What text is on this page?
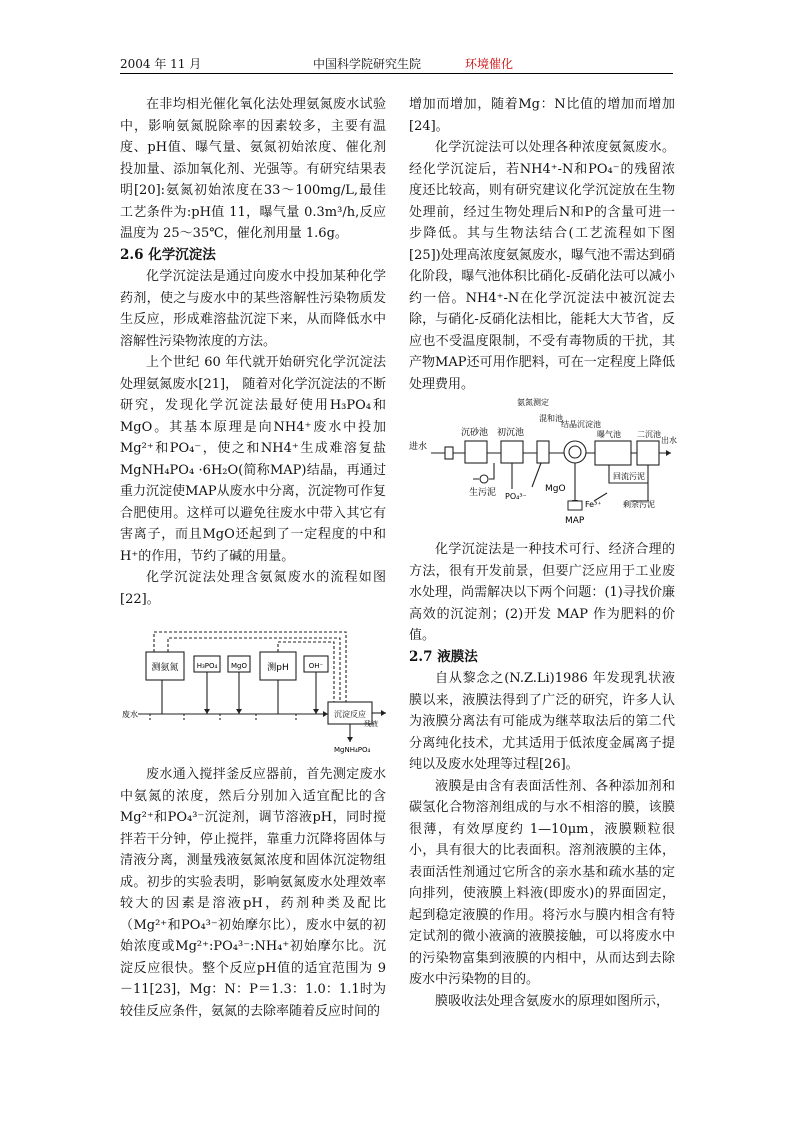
2004 年 11 月	中国科学院研究生院	环境催化

在非均相光催化氧化法处理氨氮废水试验中，影响氨氮脱除率的因素较多，主要有温度、pH值、曝气量、氨氮初始浓度、催化剂投加量、添加氧化剂、光强等。有研究结果表明[20]:氨氮初始浓度在33～100mg/L,最佳工艺条件为:pH值 11，曝气量 0.3m³/h,反应温度为 25～35℃，催化剂用量 1.6g。

2.6 化学沉淀法

化学沉淀法是通过向废水中投加某种化学药剂，使之与废水中的某些溶解性污染物质发生反应，形成难溶盐沉淀下来，从而降低水中溶解性污染物浓度的方法。

上个世纪 60 年代就开始研究化学沉淀法处理氨氮废水[21]， 随着对化学沉淀法的不断研究，发现化学沉淀法最好使用H₃PO₄和MgO。其基本原理是向NH4⁺废水中投加Mg²⁺和PO₄⁻，使之和NH4⁺生成难溶复盐MgNH₄PO₄ ·6H₂O(简称MAP)结晶，再通过重力沉淀使MAP从废水中分离，沉淀物可作复合肥使用。这样可以避免往废水中带入其它有害离子，而且MgO还起到了一定程度的中和H⁺的作用，节约了碱的用量。

化学沉淀法处理含氨氮废水的流程如图[22]。

测氨氮	H₃PO₄ MgO 测pH	OH⁻
沉淀反应
废水
残液
MgNH₄PO₄

废水通入搅拌釜反应器前，首先测定废水中氨氮的浓度，然后分别加入适宜配比的含Mg²⁺和PO₄³⁻沉淀剂，调节溶液pH，同时搅拌若干分钟，停止搅拌，靠重力沉降将固体与清液分离，测量残液氨氮浓度和固体沉淀物组成。初步的实验表明，影响氨氮废水处理效率较大的因素是溶液pH，药剂种类及配比（Mg²⁺和PO₄³⁻初始摩尔比），废水中氨的初始浓度或Mg²⁺:PO₄³⁻:NH₄⁺初始摩尔比。沉淀反应很快。整个反应pH值的适宜范围为 9－11[23]，Mg：N：P＝1.3：1.0：1.1时为较佳反应条件，氨氮的去除率随着反应时间的

增加而增加，随着Mg：N比值的增加而增加[24]。

化学沉淀法可以处理各种浓度氨氮废水。经化学沉淀后，若NH4⁺-N和PO₄⁻的残留浓度还比较高，则有研究建议化学沉淀放在生物处理前，经过生物处理后N和P的含量可进一步降低。其与生物法结合(工艺流程如下图[25])处理高浓度氨氮废水，曝气池不需达到硝化阶段，曝气池体积比硝化-反硝化法可以减小约一倍。NH4⁺-N在化学沉淀法中被沉淀去除，与硝化-反硝化法相比，能耗大大节省，反应也不受温度限制，不受有毒物质的干扰，其产物MAP还可用作肥料，可在一定程度上降低处理费用。

进水
沉砂池 初沉池
氨氮测定
混和池
结晶沉淀池
曝气池 二沉池
出水
生污泥 PO₄³⁻
MgO
回流污泥
Fe³⁺
MAP
剩余污泥

化学沉淀法是一种技术可行、经济合理的方法，很有开发前景，但要广泛应用于工业废水处理，尚需解决以下两个问题：(1)寻找价廉高效的沉淀剂；(2)开发 MAP 作为肥料的价值。

2.7 液膜法

自从黎念之(N.Z.Li)1986 年发现乳状液膜以来，液膜法得到了广泛的研究，许多人认为液膜分离法有可能成为继萃取法后的第二代分离纯化技术，尤其适用于低浓度金属离子提纯以及废水处理等过程[26]。

液膜是由含有表面活性剂、各种添加剂和碳氢化合物溶剂组成的与水不相溶的膜，该膜很薄，有效厚度约 1—10μm，液膜颗粒很小，具有很大的比表面积。溶剂液膜的主体，表面活性剂通过它所含的亲水基和疏水基的定向排列，使液膜上料液(即废水)的界面固定，起到稳定液膜的作用。将污水与膜内相含有特定试剂的微小液滴的液膜接触，可以将废水中的污染物富集到液膜的内相中，从而达到去除废水中污染物的目的。

膜吸收法处理含氨废水的原理如图所示，
